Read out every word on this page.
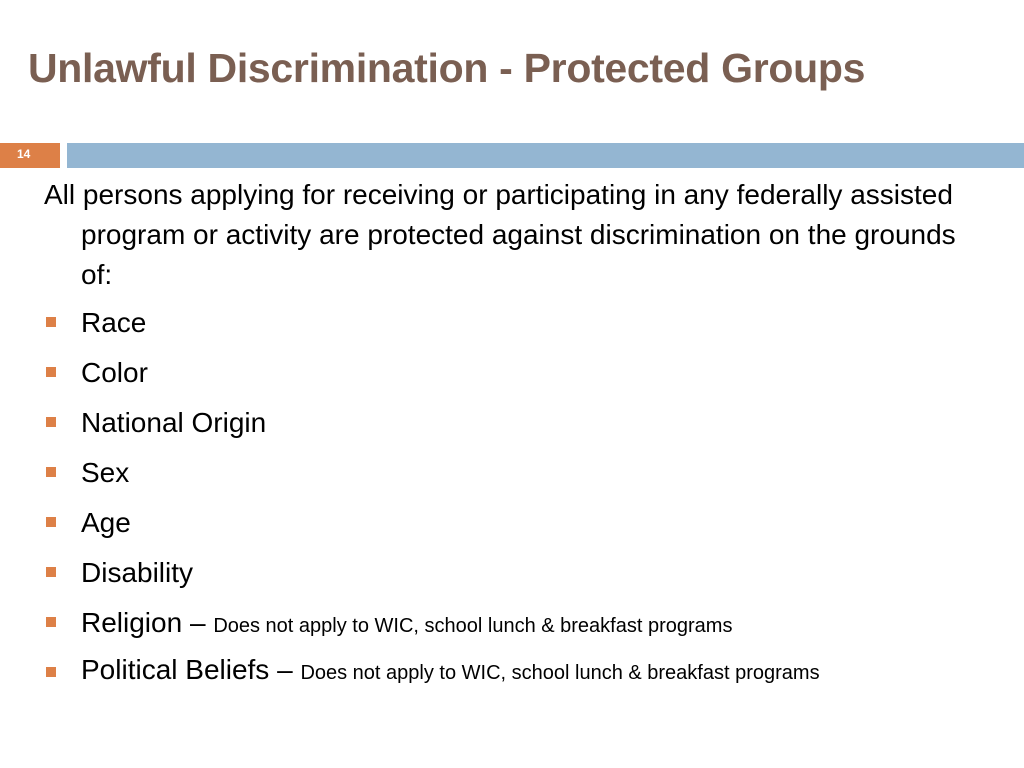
Unlawful Discrimination - Protected Groups
14

All persons applying for receiving or participating in any federally assisted program or activity are protected against discrimination on the grounds of:

Race
Color
National Origin
Sex
Age
Disability
Religion – Does not apply to WIC, school lunch & breakfast programs
Political Beliefs – Does not apply to WIC, school lunch & breakfast programs
